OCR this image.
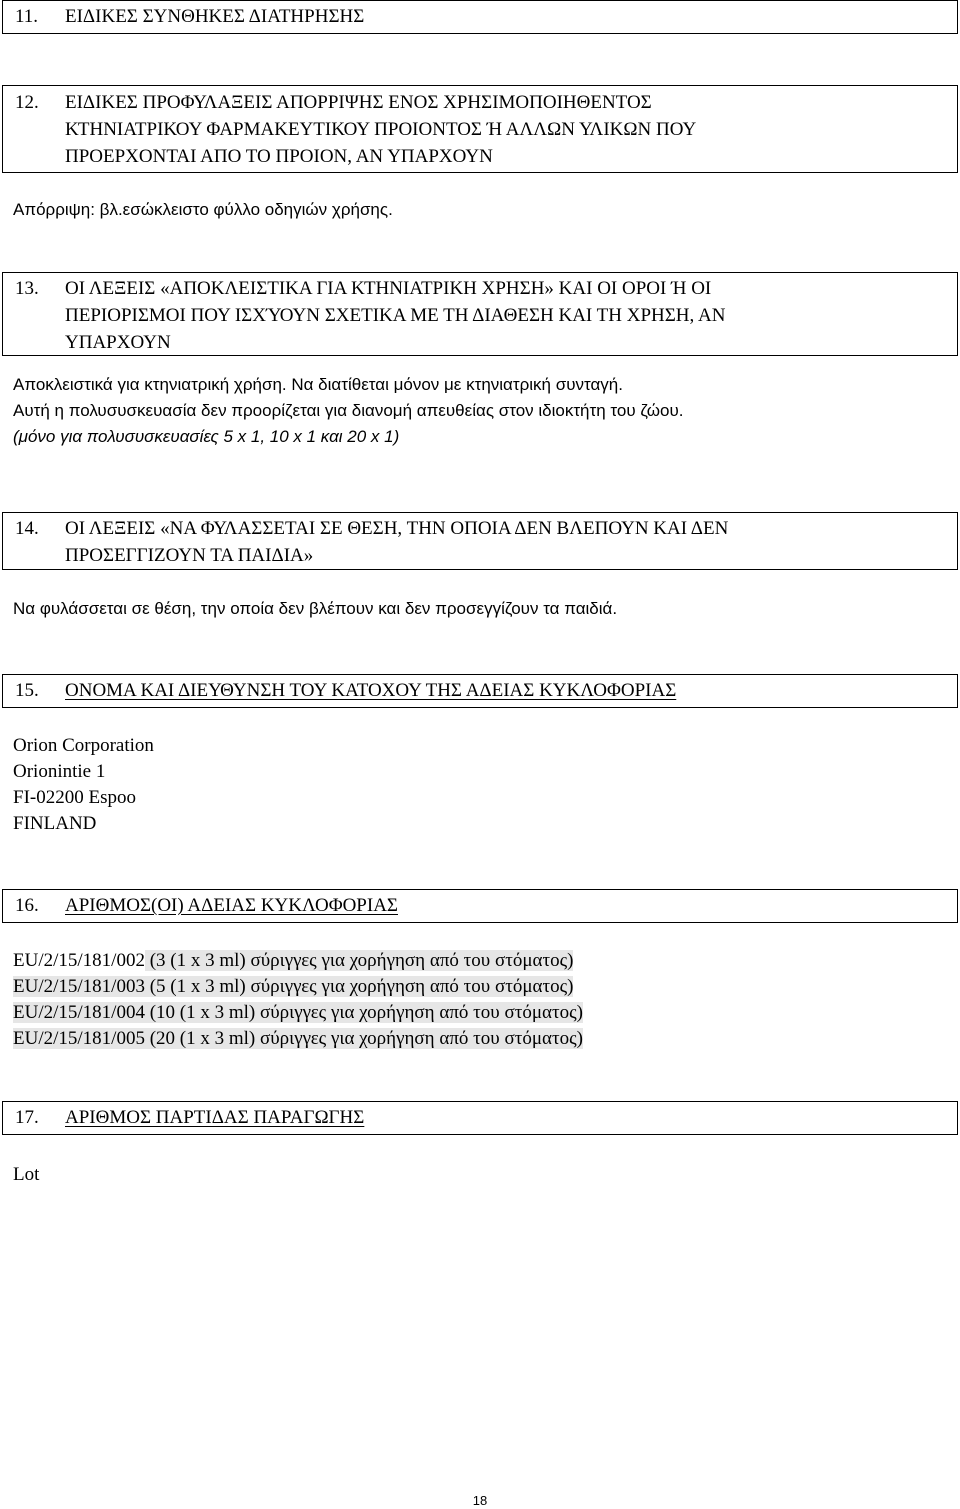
11.	ΕΙΔΙΚΕΣ ΣΥΝΘΗΚΕΣ ΔΙΑΤΗΡΗΣΗΣ
12.	ΕΙΔΙΚΕΣ ΠΡΟΦΥΛΑΞΕΙΣ ΑΠΟΡΡΙΨΗΣ ΕΝΟΣ ΧΡΗΣΙΜΟΠΟΙΗΘΕΝΤΟΣ
ΚΤΗΝΙΑΤΡΙΚΟΥ ΦΑΡΜΑΚΕΥΤΙΚΟΥ ΠΡΟΙΟΝΤΟΣ Ή ΑΛΛΩΝ ΥΛΙΚΩΝ ΠΟΥ
ΠΡΟΕΡΧΟΝΤΑΙ ΑΠΟ ΤΟ ΠΡΟΙΟΝ, ΑΝ ΥΠΑΡΧΟΥΝ

Απόρριψη: βλ.εσώκλειστο φύλλο οδηγιών χρήσης.

13.	ΟΙ ΛΕΞΕΙΣ «ΑΠΟΚΛΕΙΣΤΙΚΑ ΓΙΑ ΚΤΗΝΙΑΤΡΙΚΗ ΧΡΗΣΗ» ΚΑΙ ΟΙ ΟΡΟΙ Ή ΟΙ
ΠΕΡΙΟΡΙΣΜΟΙ ΠΟΥ ΙΣΧΎΟΥΝ ΣΧΕΤΙΚΑ ΜΕ ΤΗ ΔΙΑΘΕΣΗ ΚΑΙ ΤΗ ΧΡΗΣΗ, ΑΝ
ΥΠΑΡΧΟΥΝ
Αποκλειστικά για κτηνιατρική χρήση. Να διατίθεται μόνον με κτηνιατρική συνταγή.
Αυτή η πολυσυσκευασία δεν προορίζεται για διανομή απευθείας στον ιδιοκτήτη του ζώου.
(μόνο για πολυσυσκευασίες 5 x 1, 10 x 1 και 20 x 1)
14.	ΟΙ ΛΕΞΕΙΣ «ΝΑ ΦΥΛΑΣΣΕΤΑΙ ΣΕ ΘΕΣΗ, ΤΗΝ ΟΠΟΙΑ ΔΕΝ ΒΛΕΠΟΥΝ ΚΑΙ ΔΕΝ
ΠΡΟΣΕΓΓΙΖΟΥΝ ΤΑ ΠΑΙΔΙΑ»

Να φυλάσσεται σε θέση, την οποία δεν βλέπουν και δεν προσεγγίζουν τα παιδιά.

15.	ΟΝΟΜΑ ΚΑΙ ΔΙΕΥΘΥΝΣΗ ΤΟΥ ΚΑΤΟΧΟΥ ΤΗΣ ΑΔΕΙΑΣ ΚΥΚΛΟΦΟΡΙΑΣ
Orion Corporation
Orionintie 1
FI-02200 Espoo
FINLAND
16.	ΑΡΙΘΜΟΣ(ΟΙ) ΑΔΕΙΑΣ ΚΥΚΛΟΦΟΡΙΑΣ
EU/2/15/181/002 (3 (1 x 3 ml) σύριγγες για χορήγηση από του στόματος)
EU/2/15/181/003 (5 (1 x 3 ml) σύριγγες για χορήγηση από του στόματος)
EU/2/15/181/004 (10 (1 x 3 ml) σύριγγες για χορήγηση από του στόματος)
EU/2/15/181/005 (20 (1 x 3 ml) σύριγγες για χορήγηση από του στόματος)
17.	ΑΡΙΘΜΟΣ ΠΑΡΤΙΔΑΣ ΠΑΡΑΓΩΓΗΣ

Lot

18
